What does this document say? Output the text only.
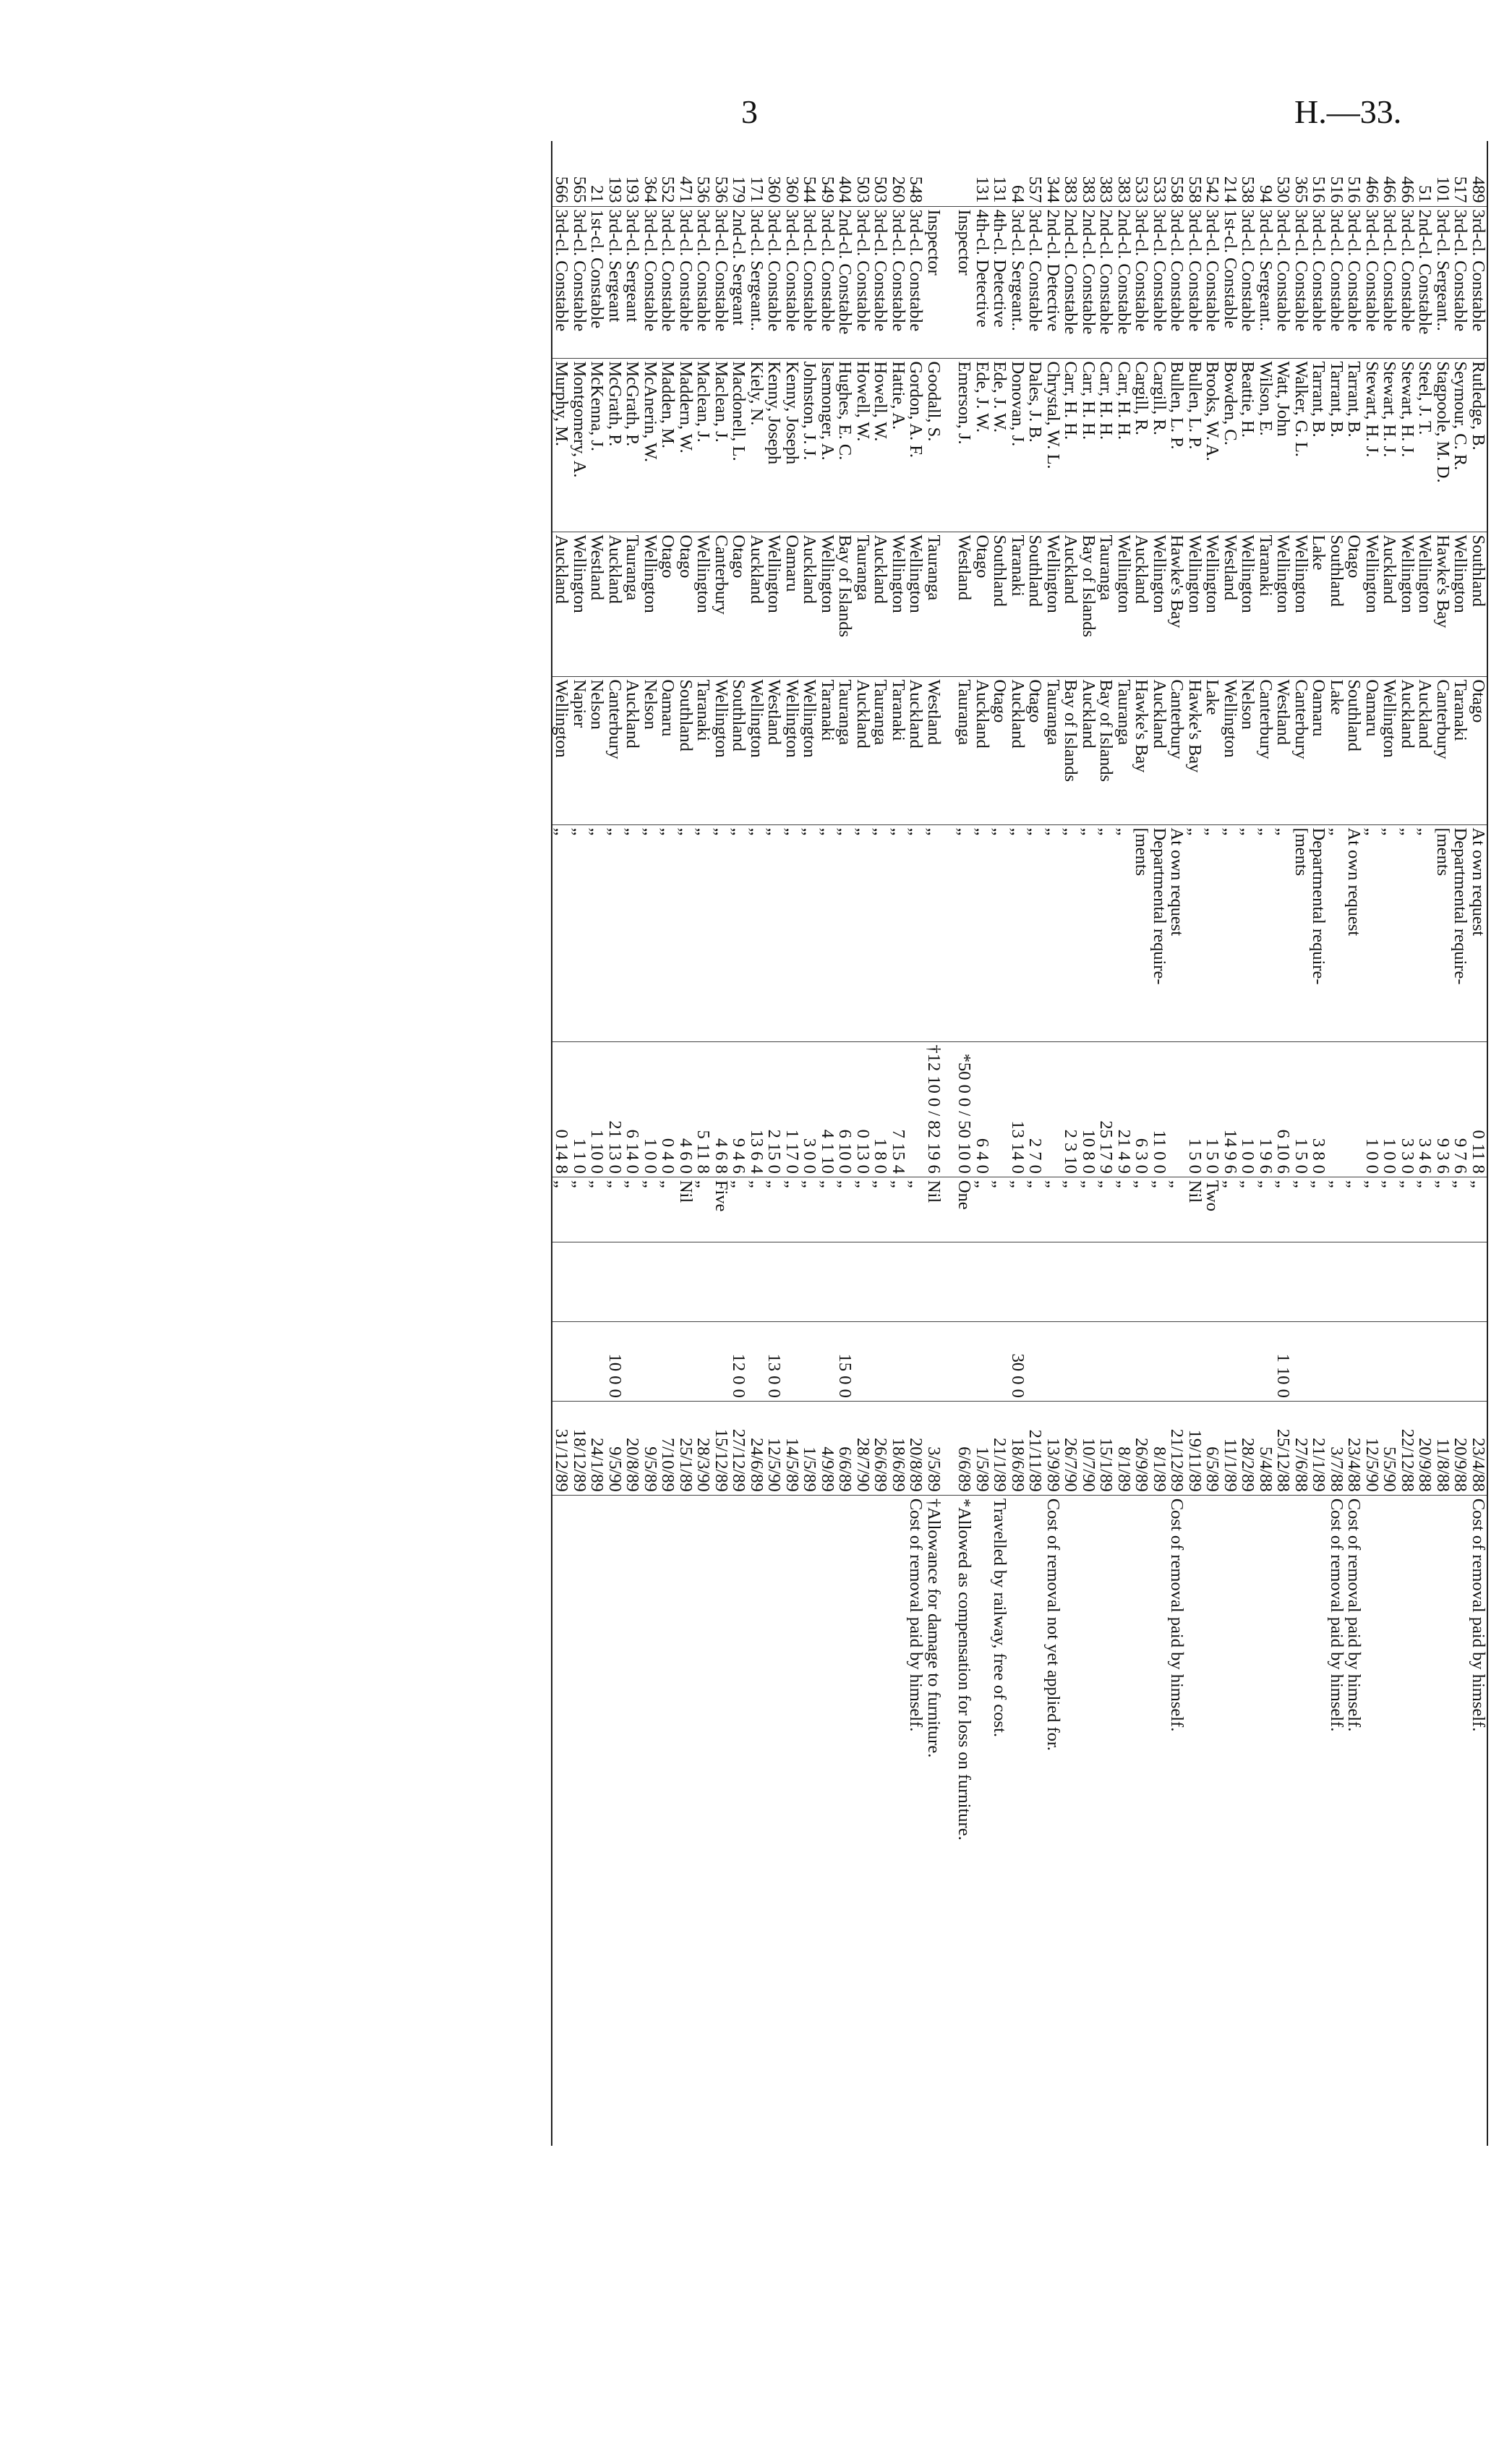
3	H.—33.
489	3rd-cl. Constable	Rutledge, B.	Southland	Otago	At own request	0 11 8	„			23/4/88	Cost of removal paid by himself.
517	3rd-cl. Constable	Seymour, C. R.	Wellington	Taranaki	Departmental require-	9 7 6	„			20/9/88	
101	3rd-cl. Sergeant..	Stagpoole, M. D.	Hawke's Bay	Canterbury	[ments	9 3 6	„			11/8/88	
51	2nd-cl. Constable	Steel, J. T.	Wellington	Auckland	„	3 4 6	„			20/9/88	
466	3rd-cl. Constable	Stewart, H. J.	Wellington	Auckland	„	3 3 0	„			22/12/88	
466	3rd-cl. Constable	Stewart, H. J.	Auckland	Wellington	„	1 0 0	„			5/5/90	
466	3rd-cl. Constable	Stewart, H. J.	Wellington	Oamaru	„	1 0 0	„			12/5/90	
516	3rd-cl. Constable	Tarrant, B.	Otago	Southland	At own request		„			23/4/88	Cost of removal paid by himself.
516	3rd-cl. Constable	Tarrant, B.	Southland	Lake	„		„			3/7/88	Cost of removal paid by himself.
516	3rd-cl. Constable	Tarrant, B.	Lake	Oamaru	Departmental require-	3 8 0	„			21/1/89	
365	3rd-cl. Constable	Walker, G. L.	Wellington	Canterbury	[ments	1 5 0	„			27/6/88	
530	3rd-cl. Constable	Watt, John	Wellington	Westland	„	6 10 6	„		1 10 0	25/12/88	
94	3rd-cl. Sergeant..	Wilson, E.	Taranaki	Canterbury	„	1 9 6	„			5/4/88	
538	3rd-cl. Constable	Beattie, H.	Wellington	Nelson	„	1 0 0	„			28/2/89	
214	1st-cl. Constable	Bowden, C.	Westland	Wellington	„	14 9 6	„			11/1/89	
542	3rd-cl. Constable	Brooks, W. A.	Wellington	Lake	„	1 5 0	Two			6/5/89	
558	3rd-cl. Constable	Bullen, L. P.	Wellington	Hawke's Bay	„	1 5 0	Nil			19/11/89	
558	3rd-cl. Constable	Bullen, L. P.	Hawke's Bay	Canterbury	At own request		„			21/12/89	Cost of removal paid by himself.
533	3rd-cl. Constable	Cargill, R.	Wellington	Auckland	Departmental require-	11 0 0	„			8/1/89	
533	3rd-cl. Constable	Cargill, R.	Auckland	Hawke's Bay	[ments	6 3 0	„			26/9/89	
383	2nd-cl. Constable	Carr, H. H.	Wellington	Tauranga	„	21 4 9	„			8/1/89	
383	2nd-cl. Constable	Carr, H. H.	Tauranga	Bay of Islands	„	25 17 9	„			15/1/89	
383	2nd-cl. Constable	Carr, H. H.	Bay of Islands	Auckland	„	10 8 0	„			10/7/90	
383	2nd-cl. Constable	Carr, H. H.	Auckland	Bay of Islands	„	2 3 10	„			26/7/90	
344	2nd-cl. Detective	Chrystal, W. L.	Wellington	Tauranga	„		„			13/9/89	Cost of removal not yet applied for.
557	3rd-cl. Constable	Dales, J. B.	Southland	Otago	„	2 7 0	„			21/11/89	
64	3rd-cl. Sergeant..	Donovan, J.	Taranaki	Auckland	„	13 14 0	„		30 0 0	18/6/89	
131	4th-cl. Detective	Ede, J. W.	Southland	Otago	„		„			21/1/89	Travelled by railway, free of cost.
131	4th-cl. Detective	Ede, J. W.	Otago	Auckland	„	6 4 0	„			1/5/89	
	Inspector	Emerson, J.	Westland	Tauranga	„	*50 0 0 / 50 10 0	One			6/6/89	*Allowed as compensation for loss on furniture.

	Inspector	Goodall, S.	Tauranga	Westland	„	†12 10 0 / 82 19 6	Nil			3/5/89	†Allowance for damage to furniture.
548	3rd-cl. Constable	Gordon, A. F.	Wellington	Auckland	„		„			20/8/89	Cost of removal paid by himself.
260	3rd-cl. Constable	Hattie, A.	Wellington	Taranaki	„	7 15 4	„			18/6/89	
503	3rd-cl. Constable	Howell, W.	Auckland	Tauranga	„	1 8 0	„			26/6/89	
503	3rd-cl. Constable	Howell, W.	Tauranga	Auckland	„	0 13 0	„			28/7/90	
404	2nd-cl. Constable	Hughes, E. C.	Bay of Islands	Tauranga	„	6 10 0	„		15 0 0	6/6/89	
549	3rd-cl. Constable	Isemonger, A.	Wellington	Taranaki	„	4 1 10	„			4/9/89	
544	3rd-cl. Constable	Johnston, J. J.	Auckland	Wellington	„	3 0 0	„			1/5/89	
360	3rd-cl. Constable	Kenny, Joseph	Oamaru	Wellington	„	1 17 0	„			14/5/89	
360	3rd-cl. Constable	Kenny, Joseph	Wellington	Westland	„	2 15 0	„		13 0 0	12/5/90	
171	3rd-cl. Sergeant..	Kiely, N.	Auckland	Wellington	„	13 6 4	„			24/6/89	
179	2nd-cl. Sergeant	Macdonell, L.	Otago	Southland	„	9 4 6	„		12 0 0	27/12/89	
536	3rd-cl. Constable	Maclean, J.	Canterbury	Wellington	„	4 6 8	Five			15/12/89	
536	3rd-cl. Constable	Maclean, J.	Wellington	Taranaki	„	5 11 8	„			28/3/90	
471	3rd-cl. Constable	Maddern, W.	Otago	Southland	„	4 6 0	Nil			25/1/89	
552	3rd-cl. Constable	Madden, M.	Otago	Oamaru	„	0 4 0	„			7/10/89	
364	3rd-cl. Constable	McAnerin, W.	Wellington	Nelson	„	1 0 0	„			9/5/89	
193	3rd-cl. Sergeant	McGrath, P.	Tauranga	Auckland	„	6 14 0	„			20/8/89	
193	3rd-cl. Sergeant	McGrath, P.	Auckland	Canterbury	„	21 13 0	„		10 0 0	9/5/90	
21	1st-cl. Constable	McKenna, J.	Westland	Nelson	„	1 10 0	„			24/1/89	
565	3rd-cl. Constable	Montgomery, A.	Wellington	Napier	„	1 1 0	„			18/12/89	
566	3rd-cl. Constable	Murphy, M.	Auckland	Wellington	„	0 14 8	„			31/12/89	
